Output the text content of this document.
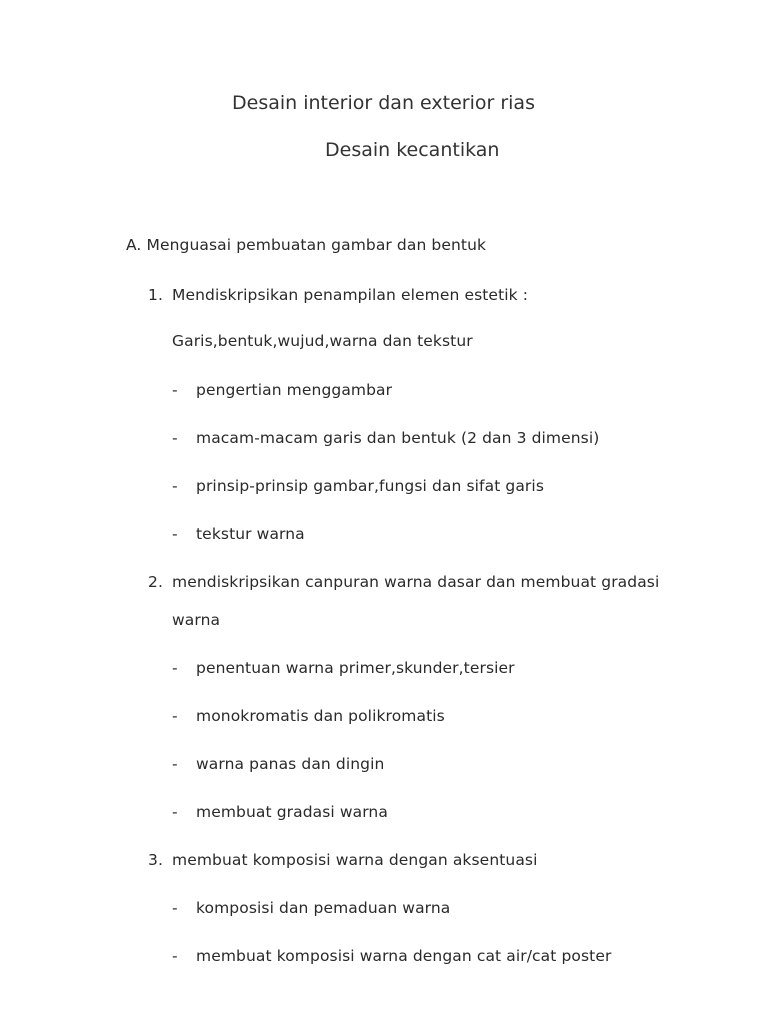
Desain interior dan exterior rias
Desain kecantikan
A. Menguasai pembuatan gambar dan bentuk
1. Mendiskripsikan penampilan elemen estetik :
Garis,bentuk,wujud,warna dan tekstur
- pengertian menggambar
- macam-macam garis dan bentuk (2 dan 3 dimensi)
- prinsip-prinsip gambar,fungsi dan sifat garis
- tekstur warna
2. mendiskripsikan canpuran warna dasar dan membuat gradasi
warna
- penentuan warna primer,skunder,tersier
- monokromatis dan polikromatis
- warna panas dan dingin
- membuat gradasi warna
3. membuat komposisi warna dengan aksentuasi
- komposisi dan pemaduan warna
- membuat komposisi warna dengan cat air/cat poster
